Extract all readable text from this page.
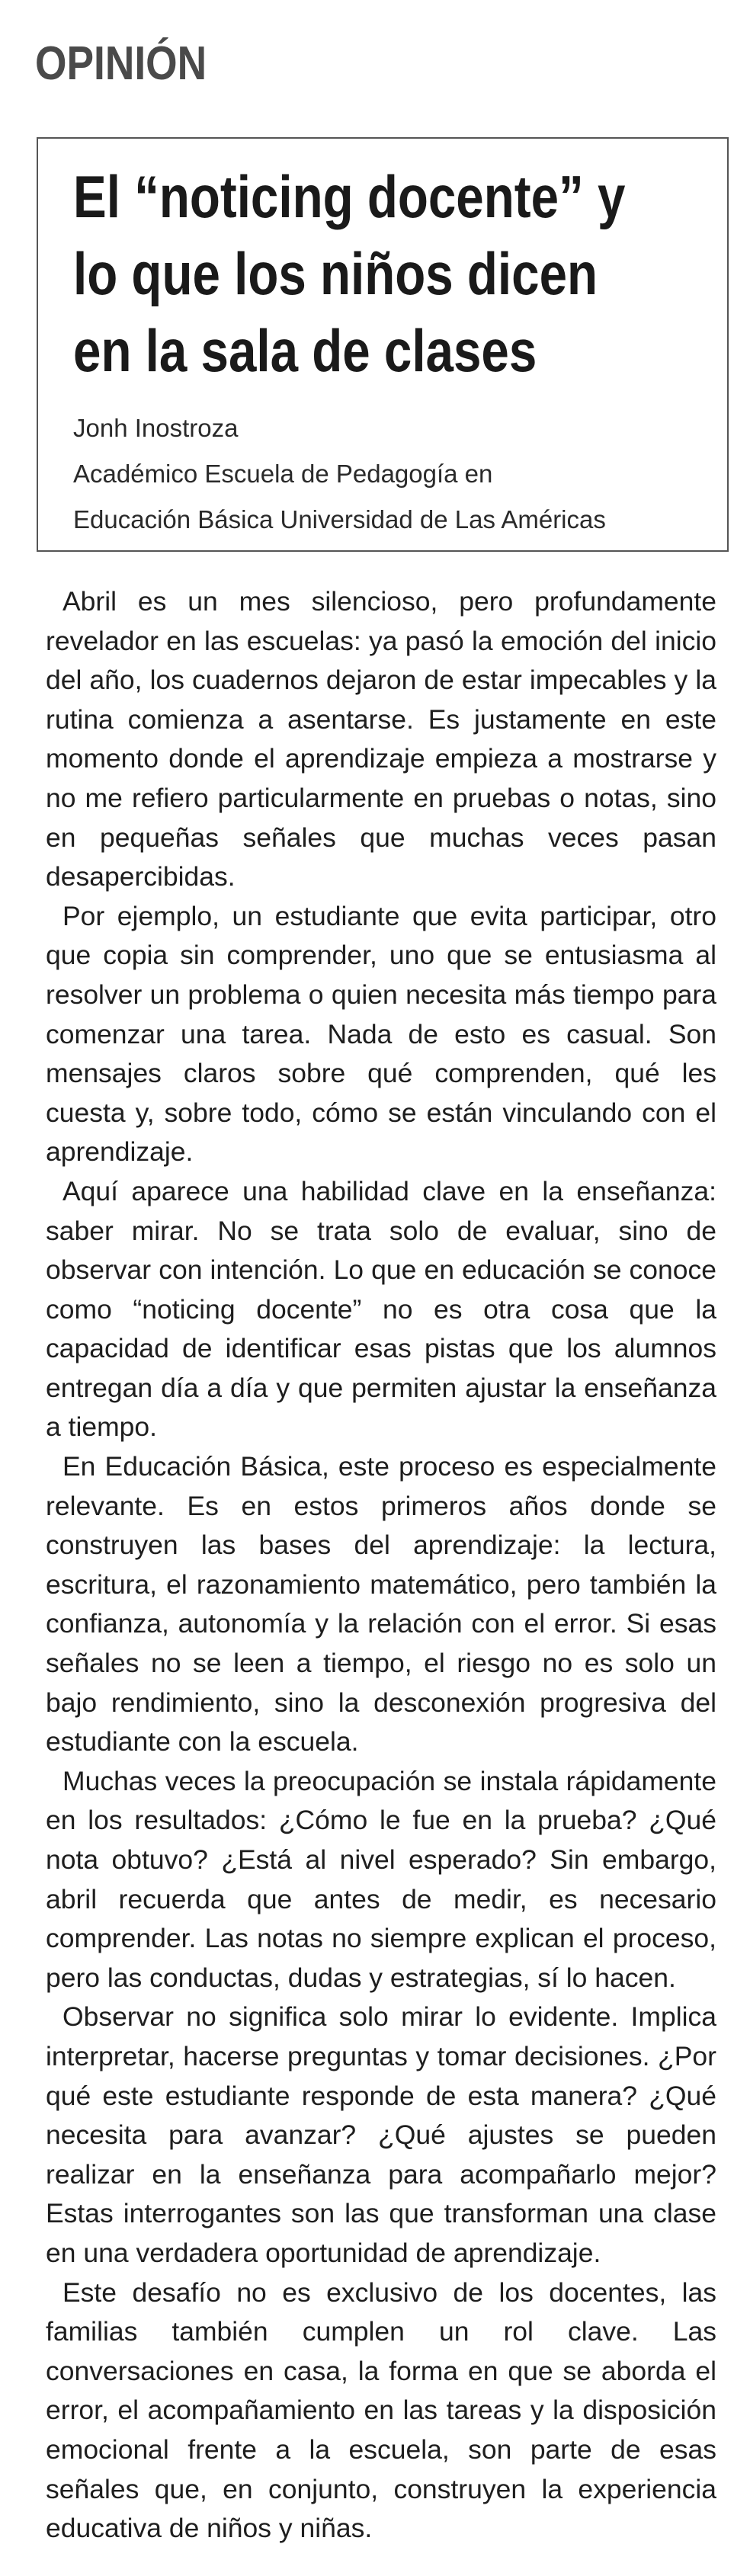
OPINIÓN
El “noticing docente” y
lo que los niños dicen
en la sala de clases
Jonh Inostroza
Académico Escuela de Pedagogía en
Educación Básica Universidad de Las Américas

Abril es un mes silencioso, pero profundamente revelador en las escuelas: ya pasó la emoción del inicio del año, los cuadernos dejaron de estar impecables y la rutina comienza a asentarse. Es justamente en este momento donde el aprendizaje empieza a mostrarse y no me refiero particularmente en pruebas o notas, sino en pequeñas señales que muchas veces pasan desapercibidas.

Por ejemplo, un estudiante que evita participar, otro que copia sin comprender, uno que se entusiasma al resolver un problema o quien necesita más tiempo para comenzar una tarea. Nada de esto es casual. Son mensajes claros sobre qué comprenden, qué les cuesta y, sobre todo, cómo se están vinculando con el aprendizaje.

Aquí aparece una habilidad clave en la enseñanza: saber mirar. No se trata solo de evaluar, sino de observar con intención. Lo que en educación se conoce como “noticing docente” no es otra cosa que la capacidad de identificar esas pistas que los alumnos entregan día a día y que permiten ajustar la enseñanza a tiempo.

En Educación Básica, este proceso es especialmente relevante. Es en estos primeros años donde se construyen las bases del aprendizaje: la lectura, escritura, el razonamiento matemático, pero también la confianza, autonomía y la relación con el error. Si esas señales no se leen a tiempo, el riesgo no es solo un bajo rendimiento, sino la desconexión progresiva del estudiante con la escuela.

Muchas veces la preocupación se instala rápidamente en los resultados: ¿Cómo le fue en la prueba? ¿Qué nota obtuvo? ¿Está al nivel esperado? Sin embargo, abril recuerda que antes de medir, es necesario comprender. Las notas no siempre explican el proceso, pero las conductas, dudas y estrategias, sí lo hacen.

Observar no significa solo mirar lo evidente. Implica interpretar, hacerse preguntas y tomar decisiones. ¿Por qué este estudiante responde de esta manera? ¿Qué necesita para avanzar? ¿Qué ajustes se pueden realizar en la enseñanza para acompañarlo mejor? Estas interrogantes son las que transforman una clase en una verdadera oportunidad de aprendizaje.

Este desafío no es exclusivo de los docentes, las familias también cumplen un rol clave. Las conversaciones en casa, la forma en que se aborda el error, el acompañamiento en las tareas y la disposición emocional frente a la escuela, son parte de esas señales que, en conjunto, construyen la experiencia educativa de niños y niñas.
